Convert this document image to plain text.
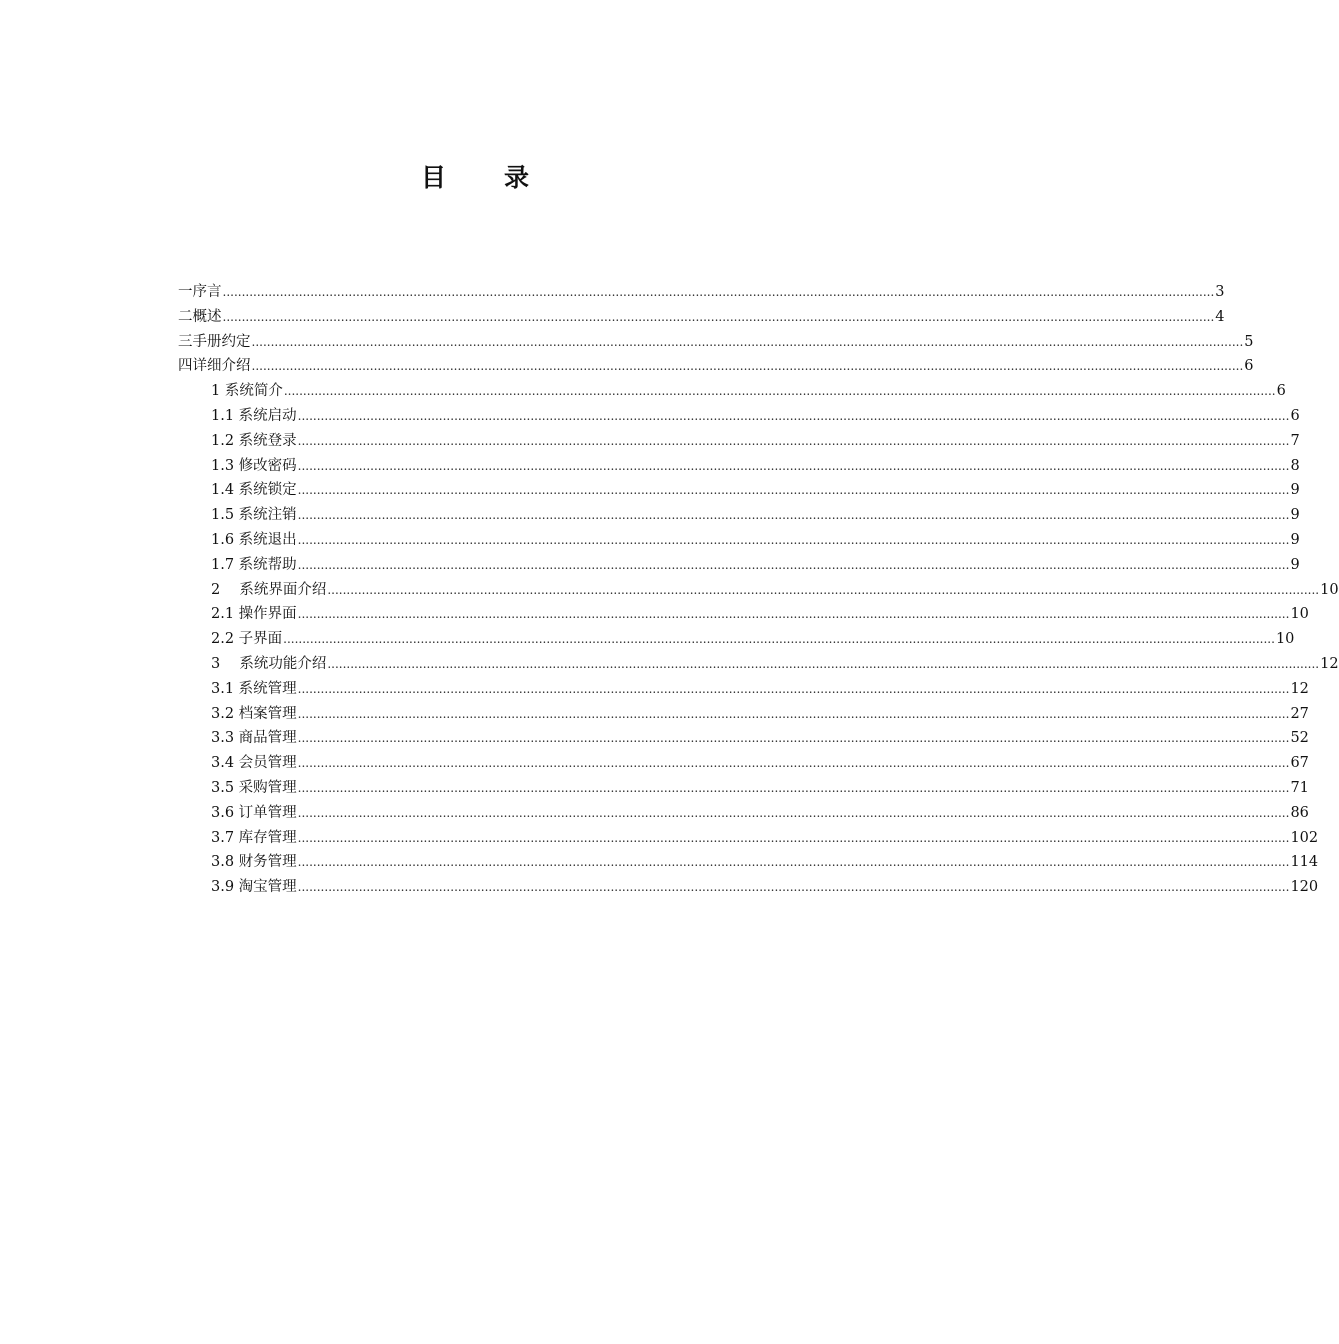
目 录
一 序言 .................................................................................................................................................................................................................................................................... 3
二 概述 .................................................................................................................................................................................................................................................................... 4
三 手册约定 .................................................................................................................................................................................................................................................................... 5
四 详细介绍 .................................................................................................................................................................................................................................................................... 6
1 系统简介 .................................................................................................................................................................................................................................................................... 6
1.1 系统启动 .................................................................................................................................................................................................................................................................... 6
1.2 系统登录 .................................................................................................................................................................................................................................................................... 7
1.3 修改密码 .................................................................................................................................................................................................................................................................... 8
1.4 系统锁定 .................................................................................................................................................................................................................................................................... 9
1.5 系统注销 .................................................................................................................................................................................................................................................................... 9
1.6 系统退出 .................................................................................................................................................................................................................................................................... 9
1.7 系统帮助 .................................................................................................................................................................................................................................................................... 9
2 　系统界面介绍 .................................................................................................................................................................................................................................................................... 10
2.1 操作界面 .................................................................................................................................................................................................................................................................... 10
2.2 子界面 .................................................................................................................................................................................................................................................................... 10
3 　系统功能介绍 .................................................................................................................................................................................................................................................................... 12
3.1 系统管理 .................................................................................................................................................................................................................................................................... 12
3.2 档案管理 .................................................................................................................................................................................................................................................................... 27
3.3 商品管理 .................................................................................................................................................................................................................................................................... 52
3.4 会员管理 .................................................................................................................................................................................................................................................................... 67
3.5 采购管理 .................................................................................................................................................................................................................................................................... 71
3.6 订单管理 .................................................................................................................................................................................................................................................................... 86
3.7 库存管理 .................................................................................................................................................................................................................................................................... 102
3.8 财务管理 .................................................................................................................................................................................................................................................................... 114
3.9 淘宝管理 .................................................................................................................................................................................................................................................................... 120
